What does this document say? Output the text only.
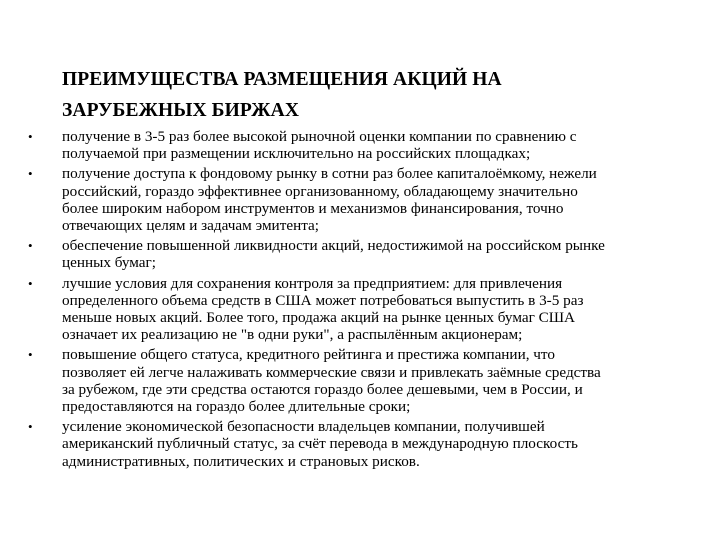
ПРЕИМУЩЕСТВА РАЗМЕЩЕНИЯ АКЦИЙ НА
ЗАРУБЕЖНЫХ БИРЖАХ
• получение в 3-5 раз более высокой рыночной оценки компании по сравнению с
получаемой при размещении исключительно на российских площадках;
• получение доступа к фондовому рынку в сотни раз более капиталоёмкому, нежели
российский, гораздо эффективнее организованному, обладающему значительно
более широким набором инструментов и механизмов финансирования, точно
отвечающих целям и задачам эмитента;
• обеспечение повышенной ликвидности акций, недостижимой на российском рынке
ценных бумаг;
• лучшие условия для сохранения контроля за предприятием: для привлечения
определенного объема средств в США может потребоваться выпустить в 3-5 раз
меньше новых акций. Более того, продажа акций на рынке ценных бумаг США
означает их реализацию не "в одни руки", а распылённым акционерам;
• повышение общего статуса, кредитного рейтинга и престижа компании, что
позволяет ей легче налаживать коммерческие связи и привлекать заёмные средства
за рубежом, где эти средства остаются гораздо более дешевыми, чем в России, и
предоставляются на гораздо более длительные сроки;
• усиление экономической безопасности владельцев компании, получившей
американский публичный статус, за счёт перевода в международную плоскость
административных, политических и страновых рисков.
